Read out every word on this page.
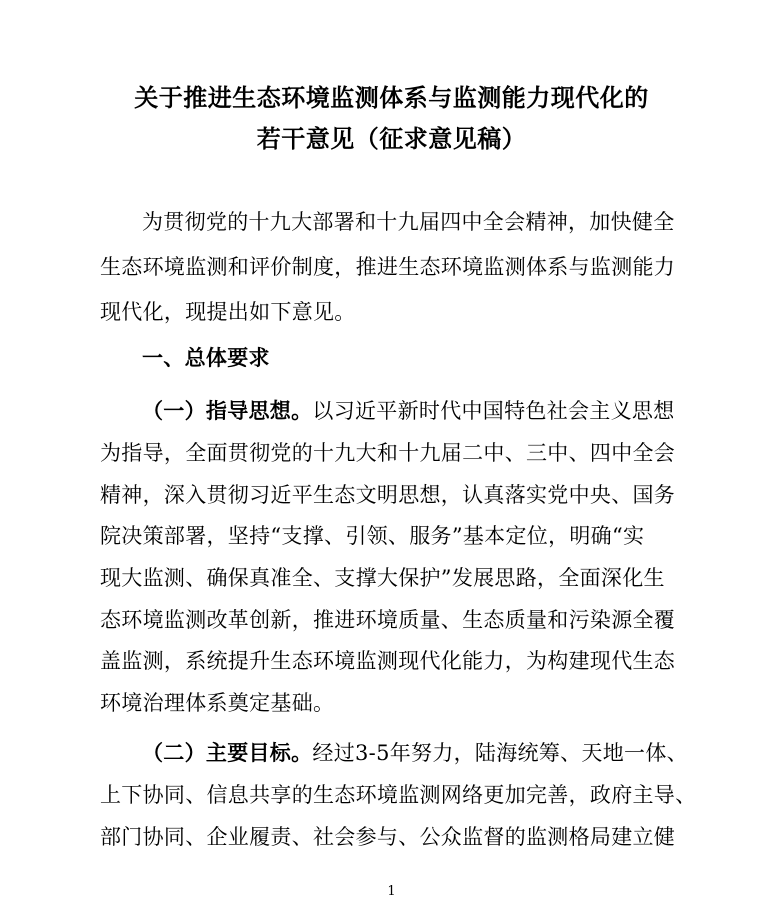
关于推进生态环境监测体系与监测能力现代化的
若干意见（征求意见稿）
为贯彻党的十九大部署和十九届四中全会精神，加快健全
生态环境监测和评价制度，推进生态环境监测体系与监测能力
现代化，现提出如下意见。
一、总体要求
（一）指导思想。以习近平新时代中国特色社会主义思想
为指导，全面贯彻党的十九大和十九届二中、三中、四中全会
精神，深入贯彻习近平生态文明思想，认真落实党中央、国务
院决策部署，坚持“支撑、引领、服务”基本定位，明确“实
现大监测、确保真准全、支撑大保护”发展思路，全面深化生
态环境监测改革创新，推进环境质量、生态质量和污染源全覆
盖监测，系统提升生态环境监测现代化能力，为构建现代生态
环境治理体系奠定基础。
（二）主要目标。经过3-5年努力，陆海统筹、天地一体、
上下协同、信息共享的生态环境监测网络更加完善，政府主导、
部门协同、企业履责、社会参与、公众监督的监测格局建立健
1
